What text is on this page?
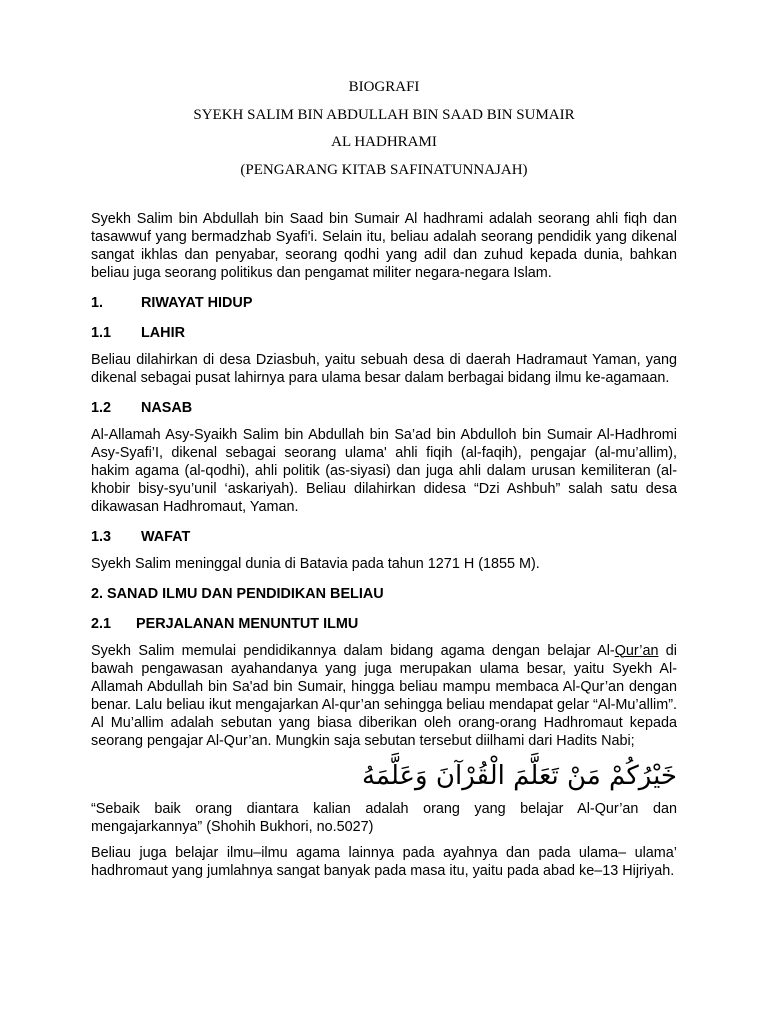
BIOGRAFI
SYEKH SALIM BIN ABDULLAH BIN SAAD BIN SUMAIR
AL HADHRAMI
(PENGARANG KITAB SAFINATUNNAJAH)

Syekh Salim bin Abdullah bin Saad bin Sumair Al hadhrami adalah seorang ahli fiqh dan tasawwuf yang bermadzhab Syafi'i. Selain itu, beliau adalah seorang pendidik yang dikenal sangat ikhlas dan penyabar, seorang qodhi yang adil dan zuhud kepada dunia, bahkan beliau juga seorang politikus dan pengamat militer negara-negara Islam.

1.	RIWAYAT HIDUP
1.1 LAHIR

Beliau dilahirkan di desa Dziasbuh, yaitu sebuah desa di daerah Hadramaut Yaman, yang dikenal sebagai pusat lahirnya para ulama besar dalam berbagai bidang ilmu ke-agamaan.

1.2 NASAB

Al-Allamah Asy-Syaikh Salim bin Abdullah bin Sa’ad bin Abdulloh bin Sumair Al-Hadhromi Asy-Syafi’I, dikenal sebagai seorang ulama' ahli fiqih (al-faqih), pengajar (al-mu’allim), hakim agama (al-qodhi), ahli politik (as-siyasi) dan juga ahli dalam urusan kemiliteran (al-khobir bisy-syu’unil ‘askariyah). Beliau dilahirkan didesa “Dzi Ashbuh” salah satu desa dikawasan Hadhromaut, Yaman.

1.3 WAFAT

Syekh Salim meninggal dunia di Batavia pada tahun 1271 H (1855 M).

2. SANAD ILMU DAN PENDIDIKAN BELIAU
2.1 PERJALANAN MENUNTUT ILMU

Syekh Salim memulai pendidikannya dalam bidang agama dengan belajar Al-Qur’an di bawah pengawasan ayahandanya yang juga merupakan ulama besar, yaitu Syekh Al-Allamah Abdullah bin Sa'ad bin Sumair, hingga beliau mampu membaca Al-Qur’an dengan benar. Lalu beliau ikut mengajarkan Al-qur’an sehingga beliau mendapat gelar “Al-Mu’allim”. Al Mu’allim adalah sebutan yang biasa diberikan oleh orang-orang Hadhromaut kepada seorang pengajar Al-Qur’an. Mungkin saja sebutan tersebut diilhami dari Hadits Nabi;

خَيْرُكُمْ مَنْ تَعَلَّمَ الْقُرْآنَ وَعَلَّمَهُ

“Sebaik baik orang diantara kalian adalah orang yang belajar Al-Qur’an dan mengajarkannya” (Shohih Bukhori, no.5027)

Beliau juga belajar ilmu–ilmu agama lainnya pada ayahnya dan pada ulama– ulama’ hadhromaut yang jumlahnya sangat banyak pada masa itu, yaitu pada abad ke–13 Hijriyah.
